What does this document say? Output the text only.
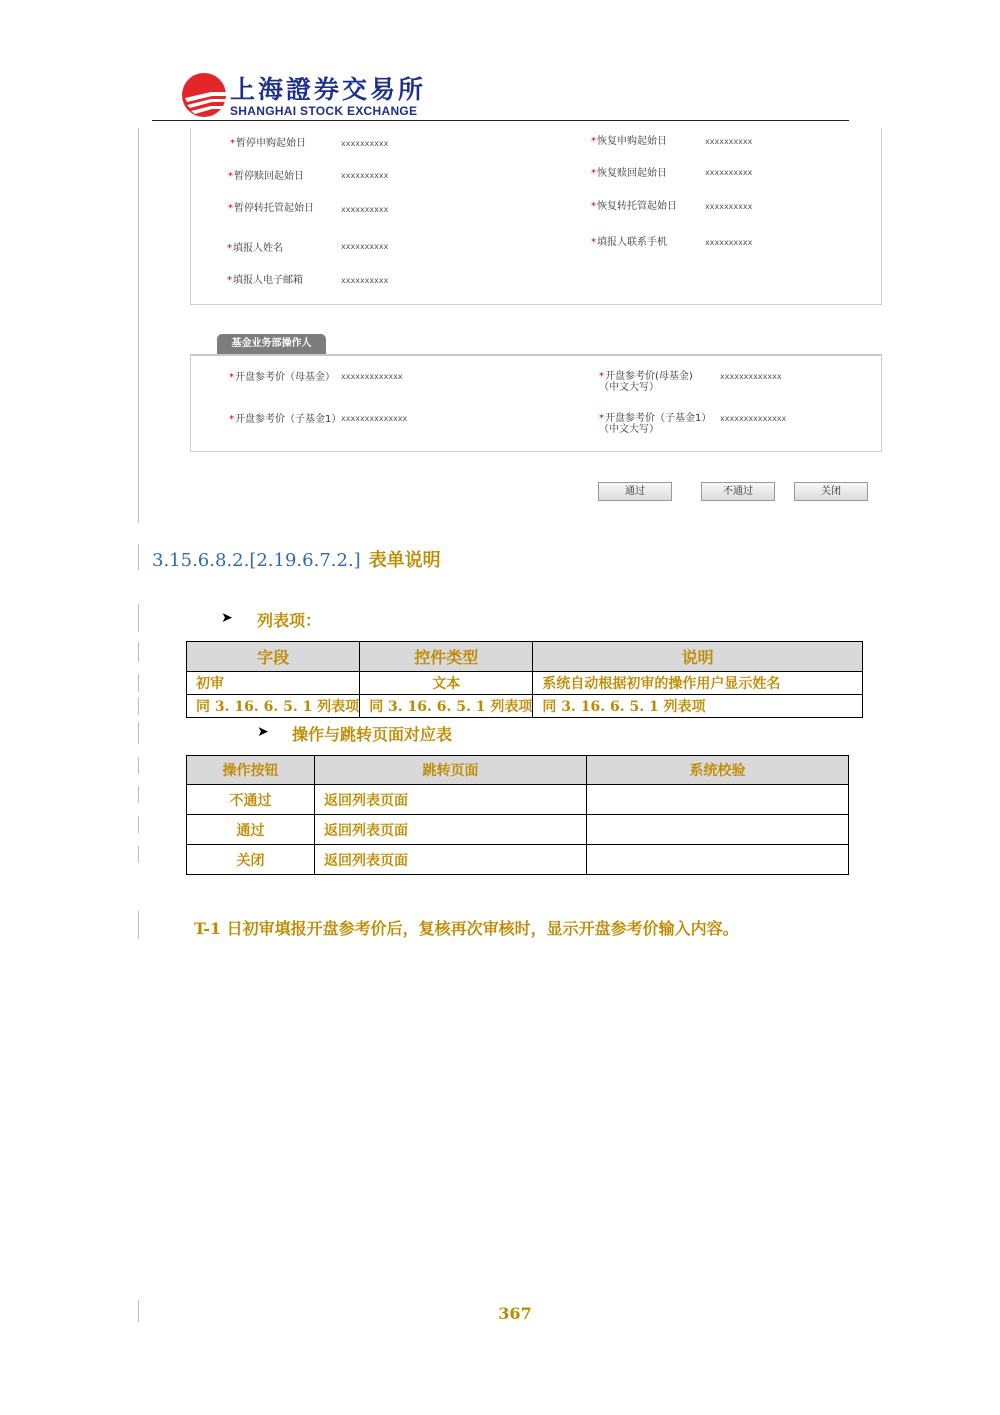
上海證券交易所
SHANGHAI STOCK EXCHANGE
*暂停申购起始日	xxxxxxxxxx
*暂停赎回起始日	xxxxxxxxxx
*暂停转托管起始日	xxxxxxxxxx
*填报人姓名	xxxxxxxxxx
*填报人电子邮箱	xxxxxxxxxx
*恢复申购起始日	xxxxxxxxxx
*恢复赎回起始日	xxxxxxxxxx
*恢复转托管起始日	xxxxxxxxxx
*填报人联系手机	xxxxxxxxxx
基金业务部操作人
*开盘参考价（母基金） xxxxxxxxxxxxx	*开盘参考价(母基金)
（中文大写）
xxxxxxxxxxxxx
*开盘参考价（子基金1） xxxxxxxxxxxxxx	*开盘参考价（子基金1）
（中文大写）
xxxxxxxxxxxxxx
通过	不通过	关闭
3.15.6.8.2.[2.19.6.7.2.] 表单说明
➤ 列表项：
字段	控件类型	说明
初审	文本	系统自动根据初审的操作用户显示姓名
同 3. 16. 6. 5. 1 列表项	同 3. 16. 6. 5. 1 列表项	同 3. 16. 6. 5. 1 列表项
➤ 操作与跳转页面对应表
操作按钮	跳转页面	系统校验
不通过	返回列表页面	
通过	返回列表页面	
关闭	返回列表页面	
T-1 日初审填报开盘参考价后，复核再次审核时，显示开盘参考价输入内容。
367
